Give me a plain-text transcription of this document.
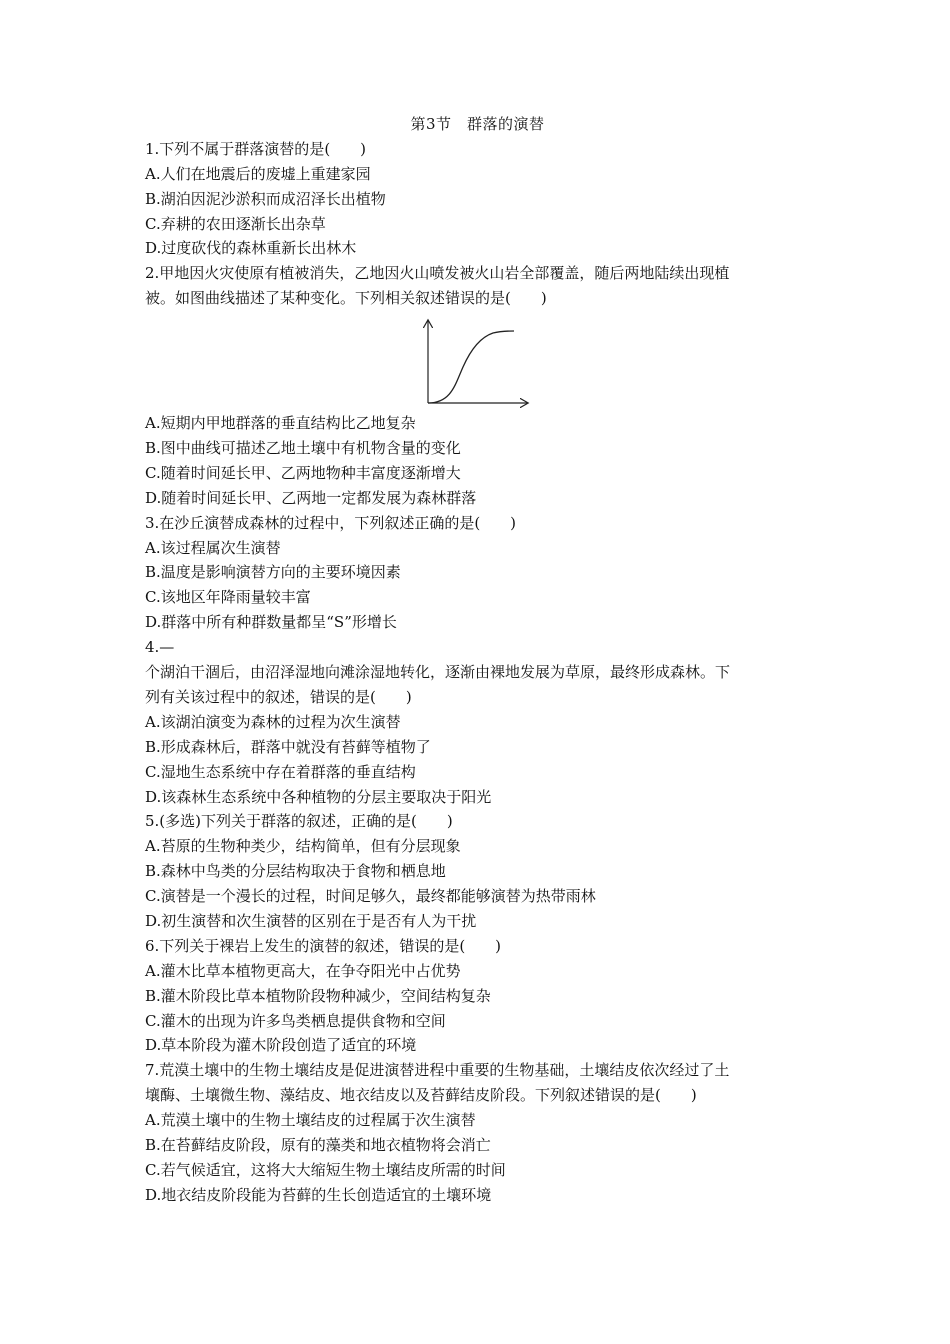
第3节　群落的演替
1.下列不属于群落演替的是(　　)
A.人们在地震后的废墟上重建家园
B.湖泊因泥沙淤积而成沼泽长出植物
C.弃耕的农田逐渐长出杂草
D.过度砍伐的森林重新长出林木
2.甲地因火灾使原有植被消失，乙地因火山喷发被火山岩全部覆盖，随后两地陆续出现植
被。如图曲线描述了某种变化。下列相关叙述错误的是(　　)
A.短期内甲地群落的垂直结构比乙地复杂
B.图中曲线可描述乙地土壤中有机物含量的变化
C.随着时间延长甲、乙两地物种丰富度逐渐增大
D.随着时间延长甲、乙两地一定都发展为森林群落
3.在沙丘演替成森林的过程中，下列叙述正确的是(　　)
A.该过程属次生演替
B.温度是影响演替方向的主要环境因素
C.该地区年降雨量较丰富
D.群落中所有种群数量都呈“S”形增长
4.—
个湖泊干涸后，由沼泽湿地向滩涂湿地转化，逐渐由裸地发展为草原，最终形成森林。下
列有关该过程中的叙述，错误的是(　　)
A.该湖泊演变为森林的过程为次生演替
B.形成森林后，群落中就没有苔藓等植物了
C.湿地生态系统中存在着群落的垂直结构
D.该森林生态系统中各种植物的分层主要取决于阳光
5.(多选)下列关于群落的叙述，正确的是(　　)
A.苔原的生物种类少，结构简单，但有分层现象
B.森林中鸟类的分层结构取决于食物和栖息地
C.演替是一个漫长的过程，时间足够久，最终都能够演替为热带雨林
D.初生演替和次生演替的区别在于是否有人为干扰
6.下列关于裸岩上发生的演替的叙述，错误的是(　　)
A.灌木比草本植物更高大，在争夺阳光中占优势
B.灌木阶段比草本植物阶段物种减少，空间结构复杂
C.灌木的出现为许多鸟类栖息提供食物和空间
D.草本阶段为灌木阶段创造了适宜的环境
7.荒漠土壤中的生物土壤结皮是促进演替进程中重要的生物基础，土壤结皮依次经过了土
壤酶、土壤微生物、藻结皮、地衣结皮以及苔藓结皮阶段。下列叙述错误的是(　　)
A.荒漠土壤中的生物土壤结皮的过程属于次生演替
B.在苔藓结皮阶段，原有的藻类和地衣植物将会消亡
C.若气候适宜，这将大大缩短生物土壤结皮所需的时间
D.地衣结皮阶段能为苔藓的生长创造适宜的土壤环境
